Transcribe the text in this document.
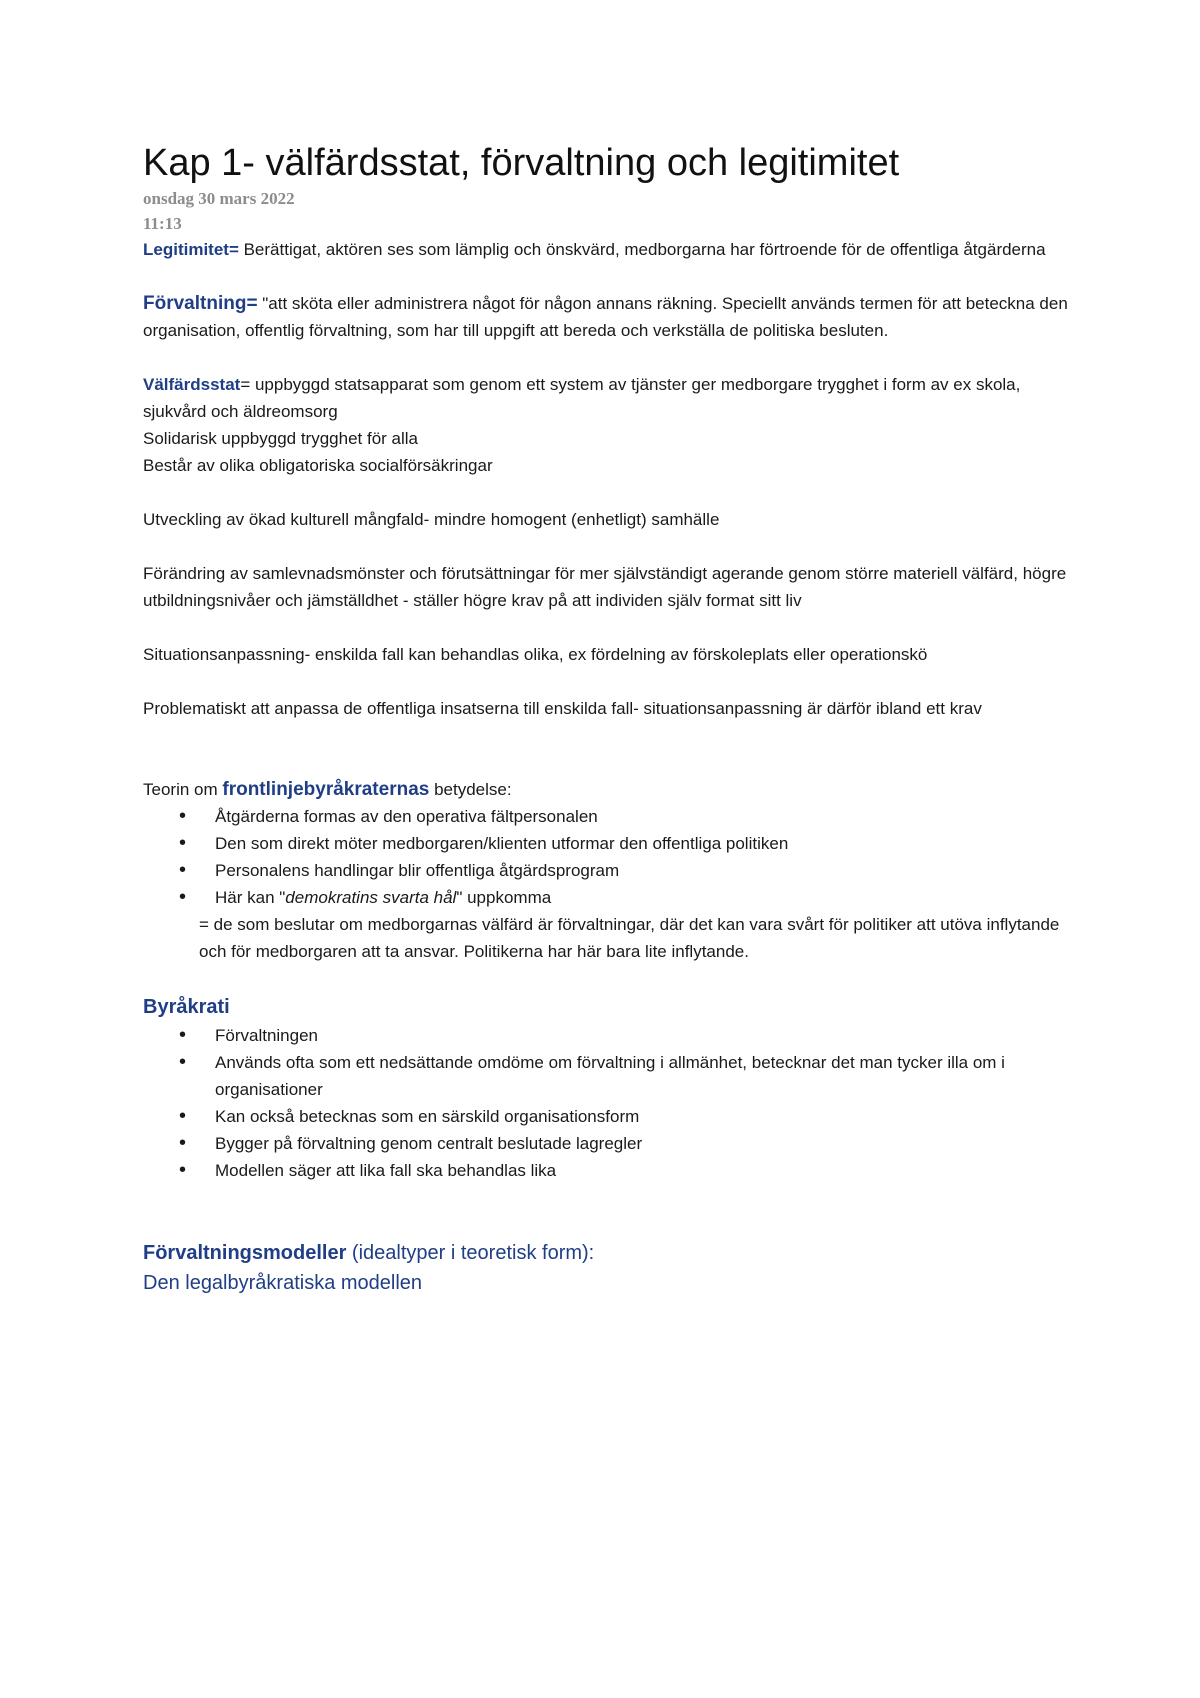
Kap 1- välfärdsstat, förvaltning och legitimitet
onsdag 30 mars 2022
11:13

Legitimitet= Berättigat, aktören ses som lämplig och önskvärd, medborgarna har förtroende för de offentliga åtgärderna

Förvaltning= "att sköta eller administrera något för någon annans räkning. Speciellt används termen för att beteckna den organisation, offentlig förvaltning, som har till uppgift att bereda och verkställa de politiska besluten.

Välfärdsstat= uppbyggd statsapparat som genom ett system av tjänster ger medborgare trygghet i form av ex skola, sjukvård och äldreomsorg

Solidarisk uppbyggd trygghet för alla

Består av olika obligatoriska socialförsäkringar

Utveckling av ökad kulturell mångfald- mindre homogent (enhetligt) samhälle

Förändring av samlevnadsmönster och förutsättningar för mer självständigt agerande genom större materiell välfärd, högre utbildningsnivåer och jämställdhet - ställer högre krav på att individen själv format sitt liv

Situationsanpassning- enskilda fall kan behandlas olika, ex fördelning av förskoleplats eller operationskö

Problematiskt att anpassa de offentliga insatserna till enskilda fall- situationsanpassning är därför ibland ett krav

Teorin om frontlinjebyråkraternas betydelse:

• Åtgärderna formas av den operativa fältpersonalen
• Den som direkt möter medborgaren/klienten utformar den offentliga politiken
• Personalens handlingar blir offentliga åtgärdsprogram
• Här kan "demokratins svarta hål" uppkomma

= de som beslutar om medborgarnas välfärd är förvaltningar, där det kan vara svårt för politiker att utöva inflytande och för medborgaren att ta ansvar. Politikerna har här bara lite inflytande.

Byråkrati

• Förvaltningen
• Används ofta som ett nedsättande omdöme om förvaltning i allmänhet, betecknar det man tycker illa om i organisationer
• Kan också betecknas som en särskild organisationsform
• Bygger på förvaltning genom centralt beslutade lagregler
• Modellen säger att lika fall ska behandlas lika

Förvaltningsmodeller (idealtyper i teoretisk form):

Den legalbyråkratiska modellen
